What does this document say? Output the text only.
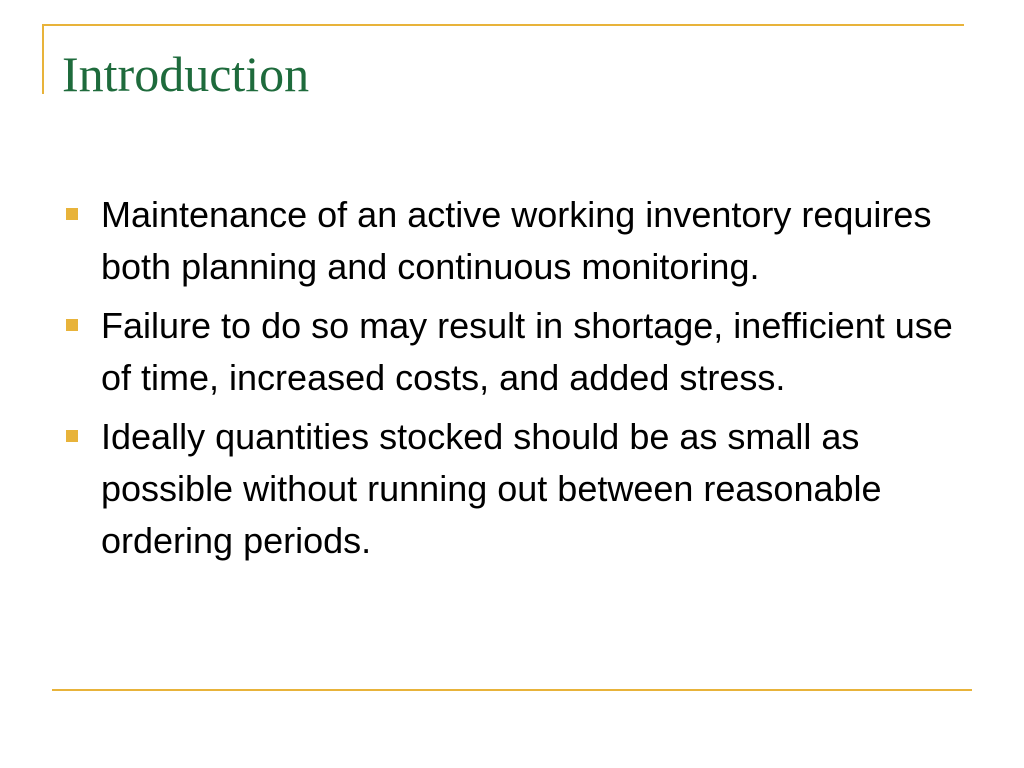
Introduction
Maintenance of an active working inventory requires both planning and continuous monitoring.
Failure to do so may result in shortage, inefficient use of time, increased costs, and added stress.
Ideally quantities stocked should be as small as possible without running out between reasonable ordering periods.
